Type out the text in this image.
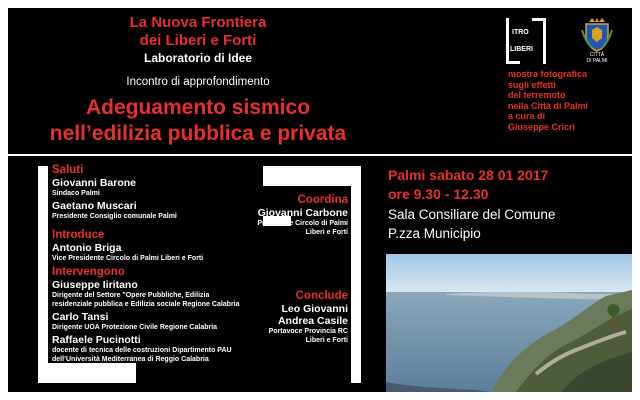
La Nuova Frontiera
dei Liberi e Forti
Laboratorio di Idee
Incontro di approfondimento
Adeguamento sismico
nell’edilizia pubblica e privata
ITRO
LIBERI
CITTÀ
DI PALMI
mostra fotografica
sugli effetti
del terremoto
nella Città di Palmi
a cura di
Giuseppe Cricrì
Saluti
Giovanni Barone
Sindaco Palmi
Gaetano Muscari
Presidente Consiglio comunale Palmi
Introduce
Antonio Briga
Vice Presidente Circolo di Palmi Liberi e Forti
Intervengono
Giuseppe Iiritano
Dirigente del Settore "Opere Pubbliche, Edilizia
residenziale pubblica e Edilizia sociale Regione Calabria
Carlo Tansi
Dirigente UOA Protezione Civile Regione Calabria
Raffaele Pucinotti
docente di tecnica delle costruzioni Dipartimento PAU
dell’Università Mediterranea di Reggio Calabria
Coordina
Giovanni Carbone
Presidente Circolo di Palmi
Liberi e Forti
Conclude
Leo Giovanni
Andrea Casile
Portavoce Provincia RC
Liberi e Forti
Palmi sabato 28 01 2017
ore 9.30 - 12.30
Sala Consiliare del Comune
P.zza Municipio
